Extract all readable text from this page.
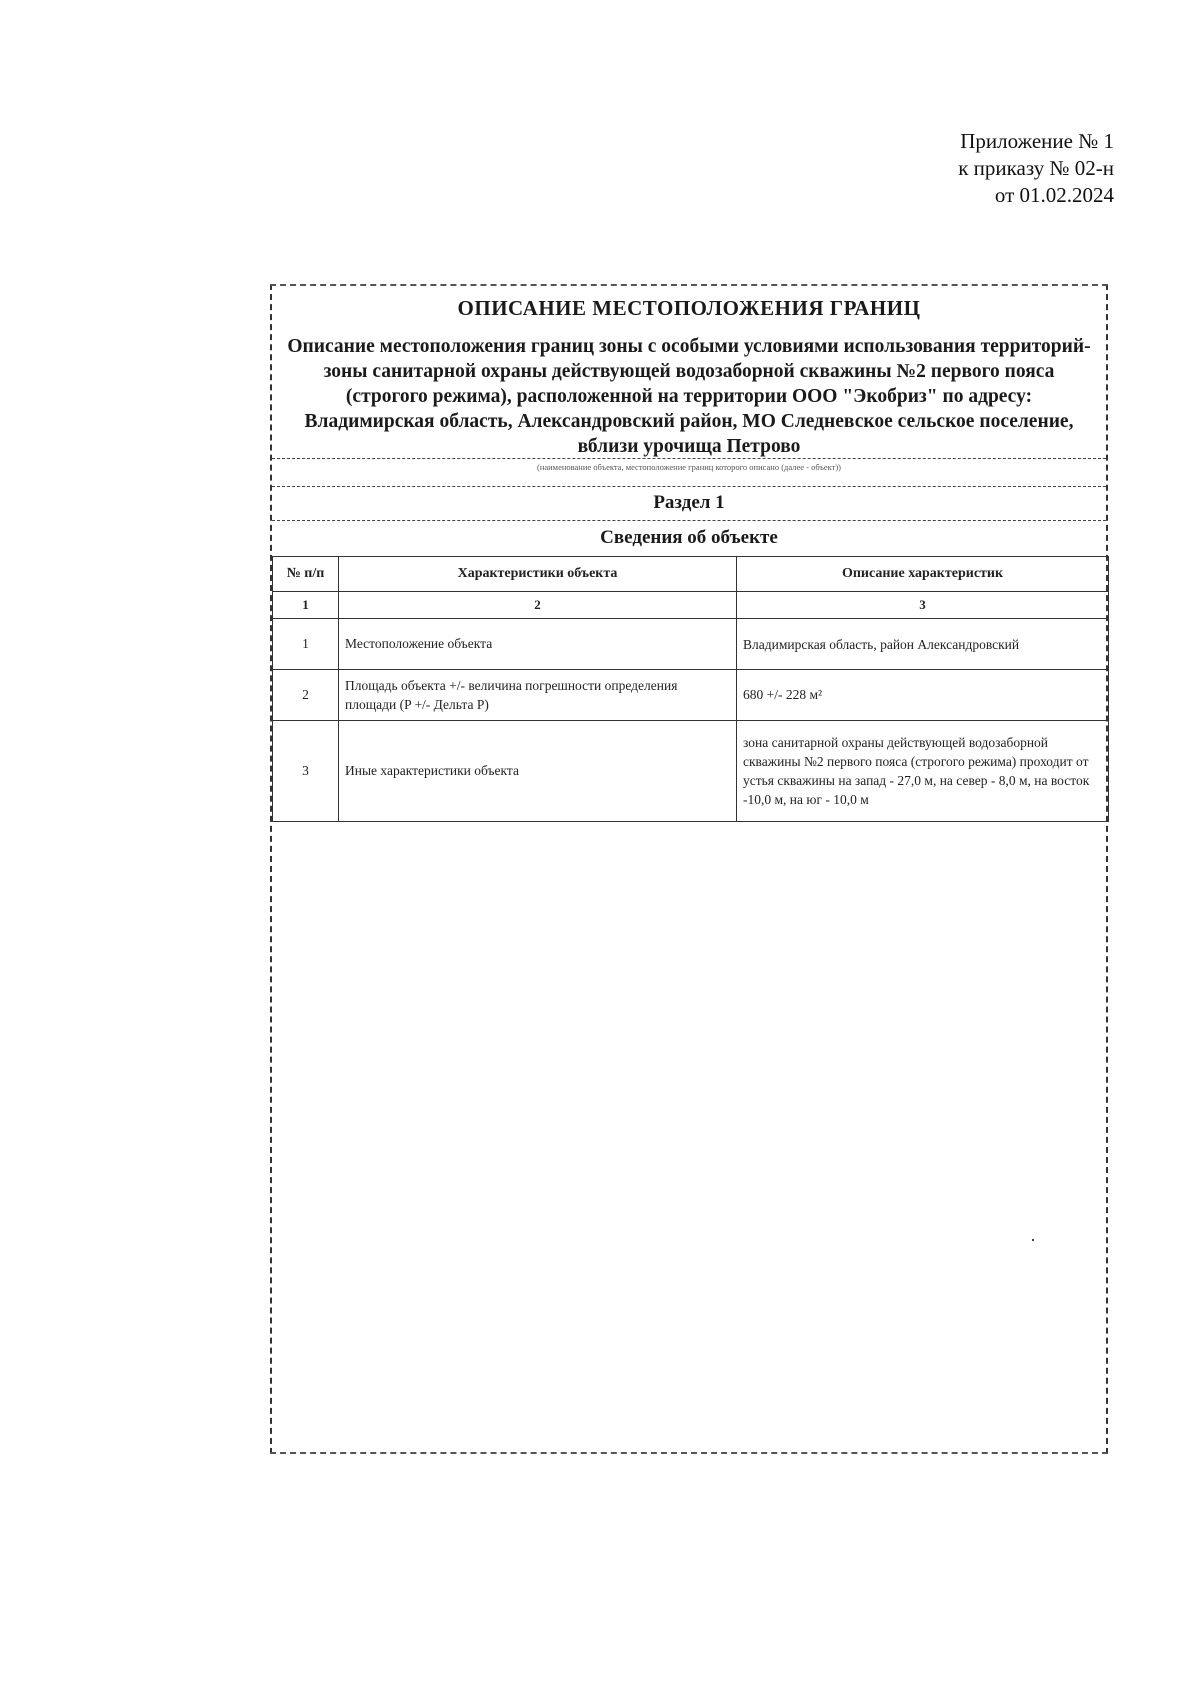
Приложение № 1
к приказу № 02-н
от 01.02.2024
ОПИСАНИЕ МЕСТОПОЛОЖЕНИЯ ГРАНИЦ
Описание местоположения границ зоны с особыми условиями использования территорий-зоны санитарной охраны действующей водозаборной скважины №2 первого пояса (строгого режима), расположенной на территории ООО "Экобриз" по адресу: Владимирская область, Александровский район, МО Следневское сельское поселение, вблизи урочища Петрово
(наименование объекта, местоположение границ которого описано (далее - объект))
Раздел 1
Сведения об объекте
№ п/п	Характеристики объекта	Описание характеристик
1	2	3
1	Местоположение объекта	Владимирская область, район Александровский
2	Площадь объекта +/- величина погрешности определения площади (P +/- Дельта P)	680 +/- 228 м²
3	Иные характеристики объекта	зона санитарной охраны действующей водозаборной скважины №2 первого пояса (строгого режима) проходит от устья скважины на запад - 27,0 м, на север - 8,0 м, на восток -10,0 м, на юг - 10,0 м
